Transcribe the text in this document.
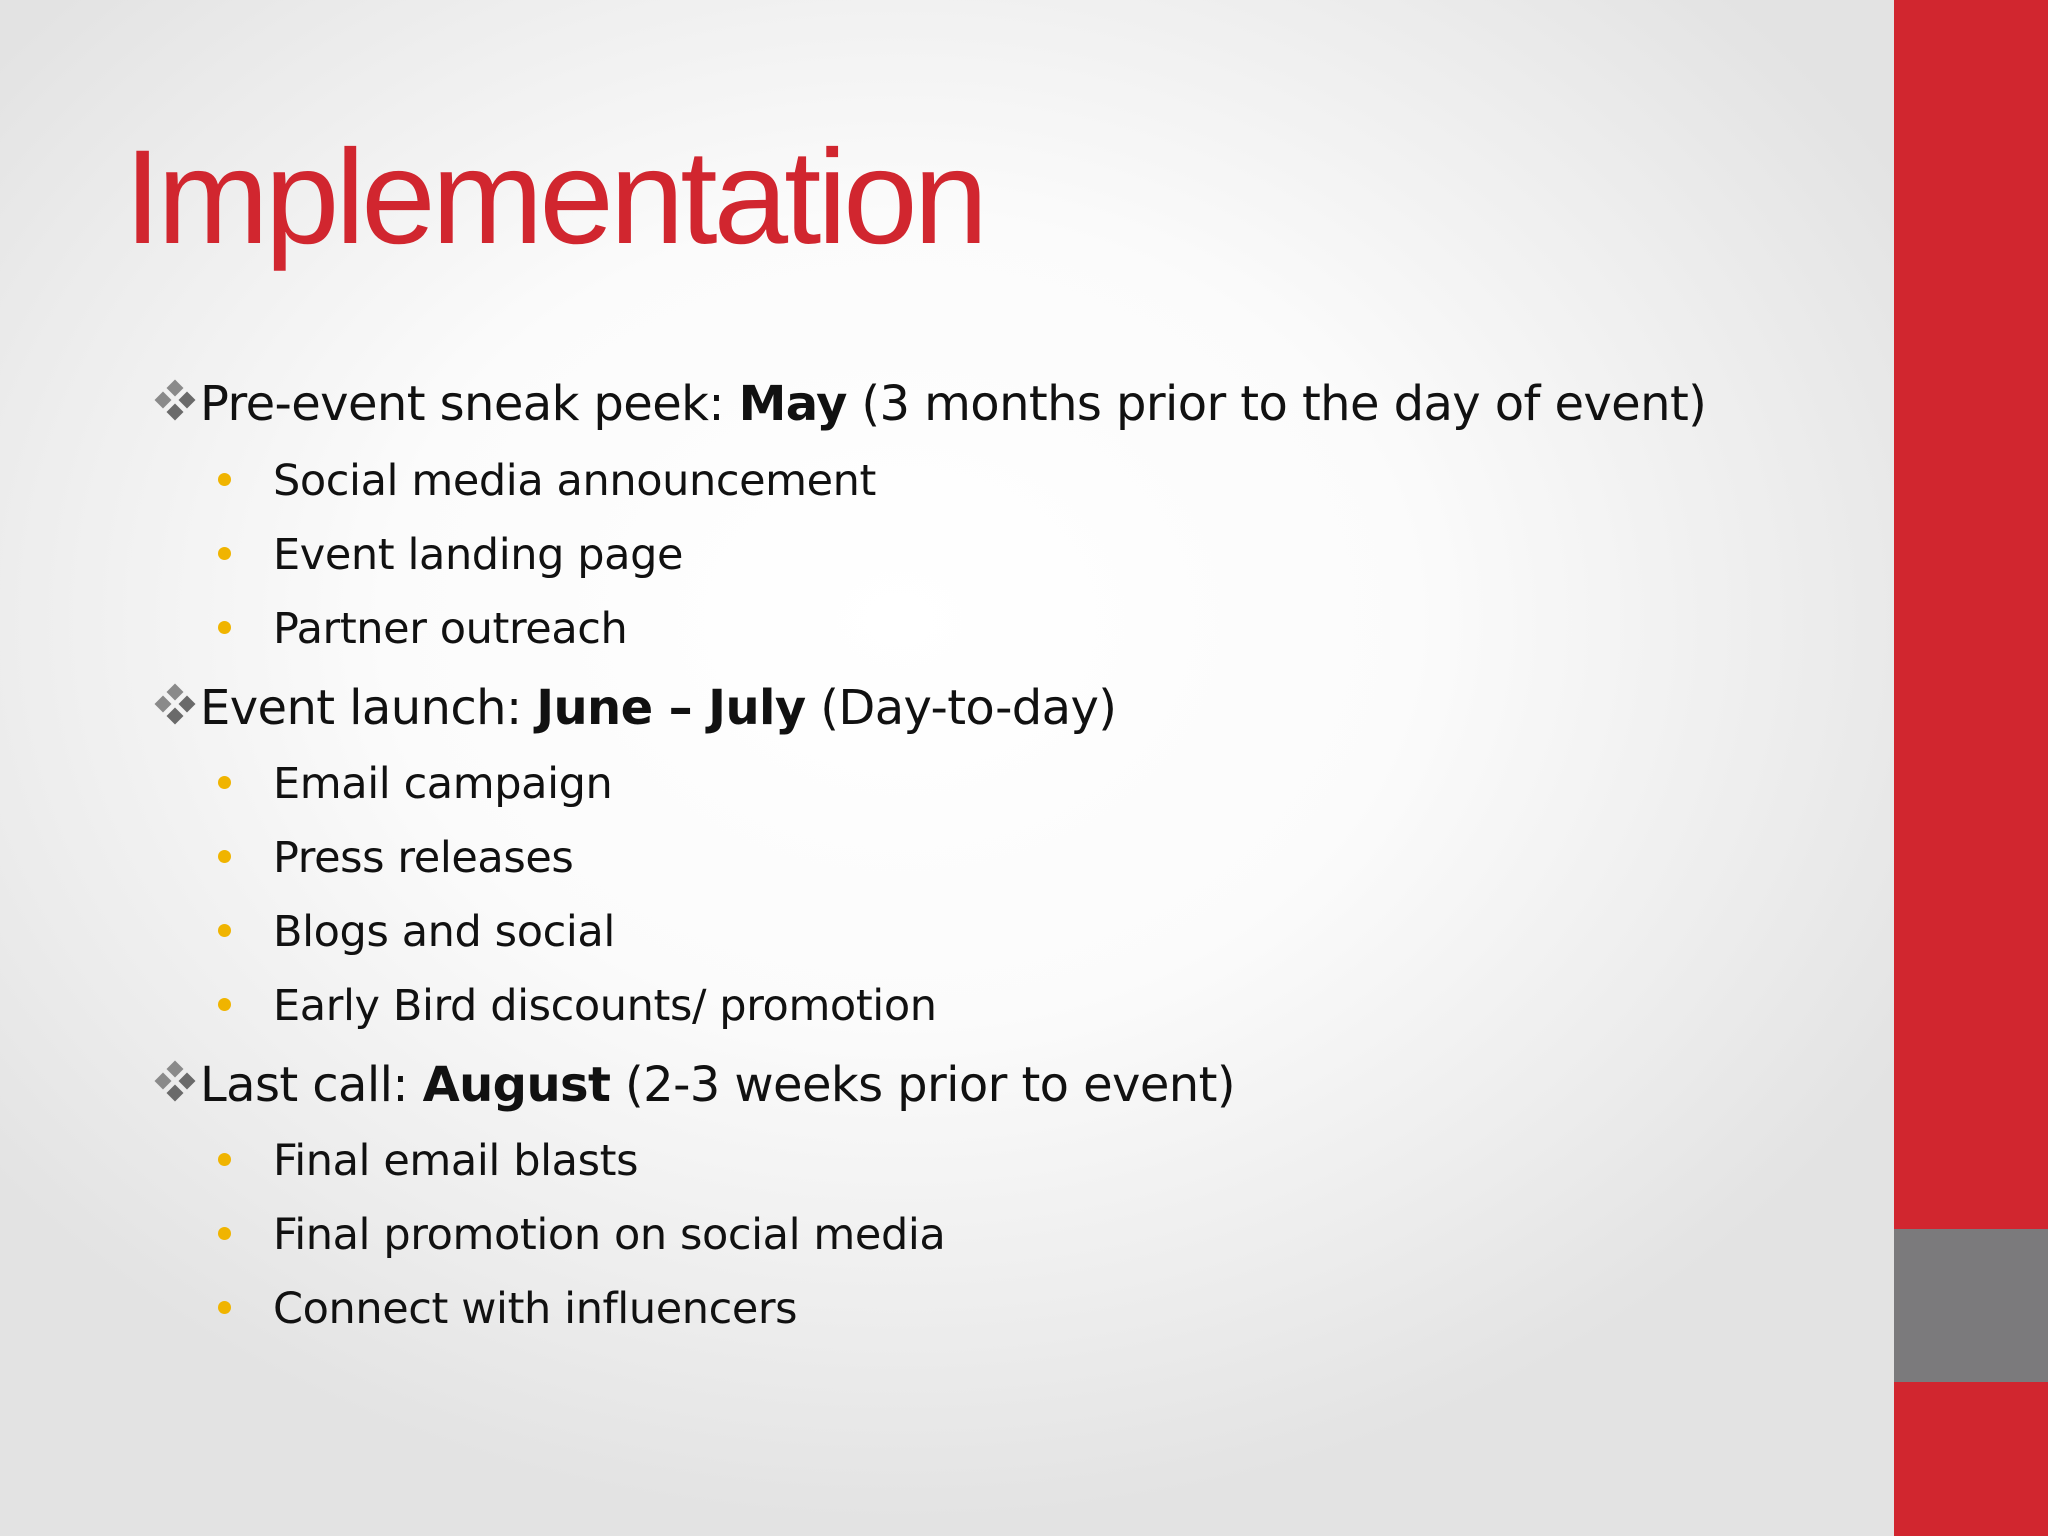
Implementation
Pre-event sneak peek: May (3 months prior to the day of event)
Social media announcement
Event landing page
Partner outreach
Event launch: June – July (Day-to-day)
Email campaign
Press releases
Blogs and social
Early Bird discounts/ promotion
Last call: August (2-3 weeks prior to event)
Final email blasts
Final promotion on social media
Connect with influencers
